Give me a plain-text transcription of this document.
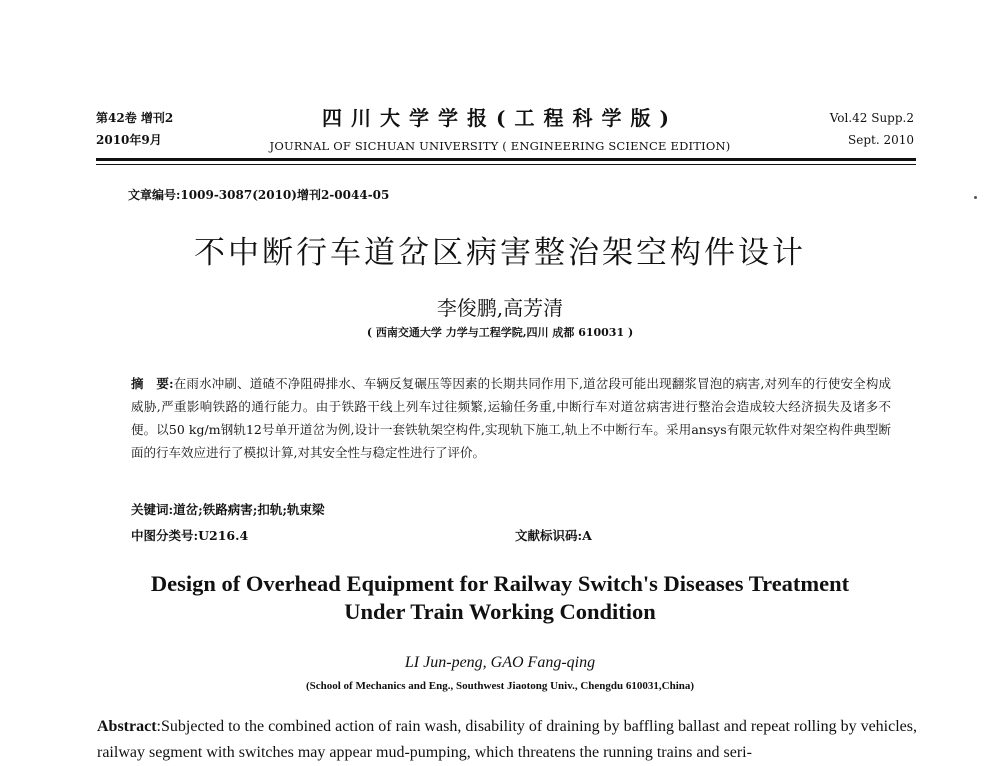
第42卷 增刊2
2010年9月
四川大学学报(工程科学版)
JOURNAL OF SICHUAN UNIVERSITY ( ENGINEERING SCIENCE EDITION)
Vol.42 Supp.2
Sept. 2010
文章编号:1009-3087(2010)增刊2-0044-05
不中断行车道岔区病害整治架空构件设计
李俊鹏,高芳清
( 西南交通大学 力学与工程学院,四川 成都 610031 )
摘　要:在雨水冲刷、道碴不净阻碍排水、车辆反复碾压等因素的长期共同作用下,道岔段可能出现翻浆冒泡的病害,对列车的行使安全构成威胁,严重影响铁路的通行能力。由于铁路干线上列车过往频繁,运输任务重,中断行车对道岔病害进行整治会造成较大经济损失及诸多不便。以50 kg/m钢轨12号单开道岔为例,设计一套铁轨架空构件,实现轨下施工,轨上不中断行车。采用ansys有限元软件对架空构件典型断面的行车效应进行了模拟计算,对其安全性与稳定性进行了评价。
关键词:道岔;铁路病害;扣轨;轨束梁
中图分类号:U216.4	文献标识码:A
Design of Overhead Equipment for Railway Switch's Diseases Treatment
Under Train Working Condition
LI Jun-peng, GAO Fang-qing
(School of Mechanics and Eng., Southwest Jiaotong Univ., Chengdu 610031,China)
Abstract:Subjected to the combined action of rain wash, disability of draining by baffling ballast and repeat rolling by vehicles, railway segment with switches may appear mud-pumping, which threatens the running trains and seri-
